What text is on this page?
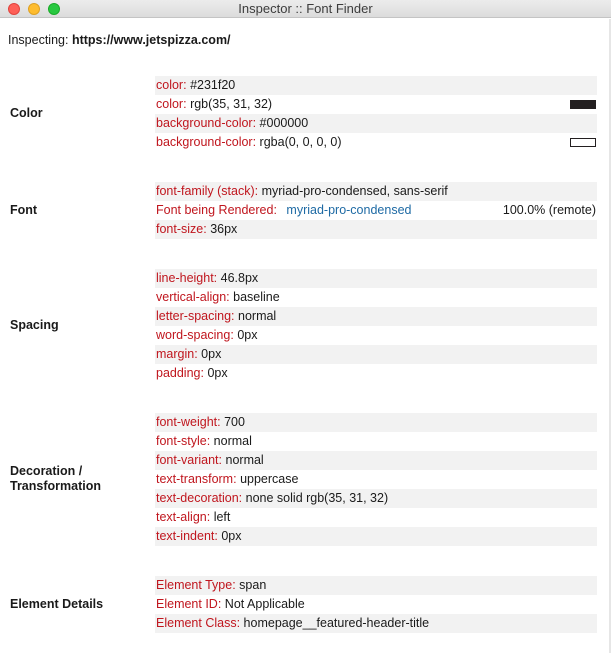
Inspector :: Font Finder
Inspecting: https://www.jetspizza.com/
Color
color: #231f20
color: rgb(35, 31, 32)
background-color: #000000
background-color: rgba(0, 0, 0, 0)
Font
font-family (stack): myriad-pro-condensed, sans-serif
Font being Rendered: myriad-pro-condensed	100.0% (remote)
font-size: 36px
Spacing
line-height: 46.8px
vertical-align: baseline
letter-spacing: normal
word-spacing: 0px
margin: 0px
padding: 0px
Decoration /
Transformation
font-weight: 700
font-style: normal
font-variant: normal
text-transform: uppercase
text-decoration: none solid rgb(35, 31, 32)
text-align: left
text-indent: 0px
Element Details
Element Type: span
Element ID: Not Applicable
Element Class: homepage__featured-header-title
